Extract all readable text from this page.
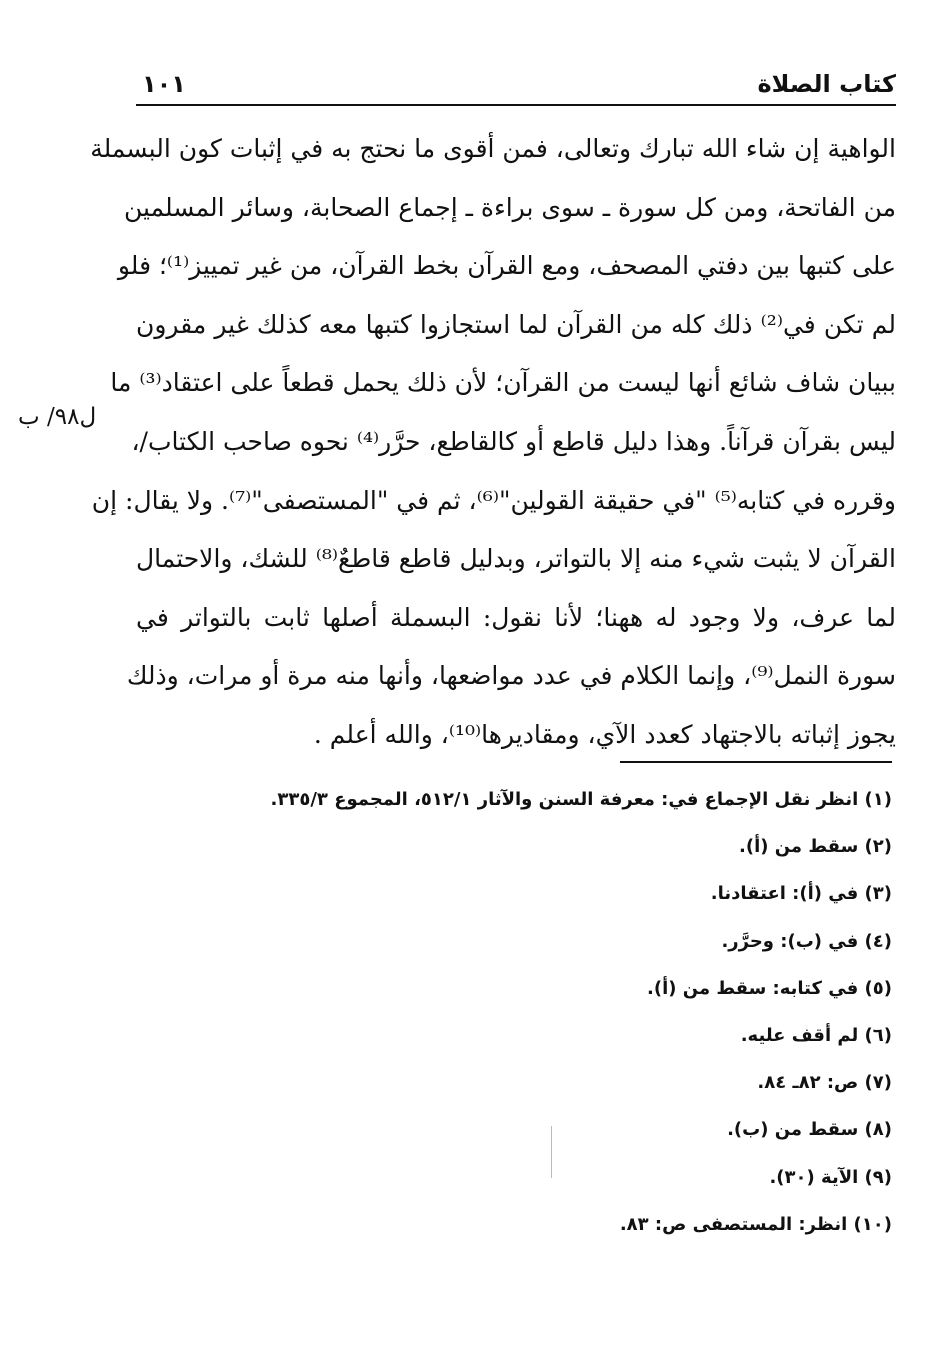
كتاب الصلاة
١٠١
الواهية إن شاء الله تبارك وتعالى، فمن أقوى ما نحتج به في إثبات كون البسملة
من الفاتحة، ومن كل سورة ـ سوى براءة ـ إجماع الصحابة، وسائر المسلمين
على كتبها بين دفتي المصحف، ومع القرآن بخط القرآن، من غير تمييز⁽¹⁾؛ فلو
لم تكن في⁽²⁾ ذلك كله من القرآن لما استجازوا كتبها معه كذلك غير مقرون
ببيان شاف شائع أنها ليست من القرآن؛ لأن ذلك يحمل قطعاً على اعتقاد⁽³⁾ ما
ليس بقرآن قرآناً. وهذا دليل قاطع أو كالقاطع، حرَّر⁽⁴⁾ نحوه صاحب الكتاب/،
وقرره في كتابه⁽⁵⁾ "في حقيقة القولين"⁽⁶⁾، ثم في "المستصفى"⁽⁷⁾. ولا يقال: إن
القرآن لا يثبت شيء منه إلا بالتواتر، وبدليل قاطع قاطعٌ⁽⁸⁾ للشك، والاحتمال
لما عرف، ولا وجود له ههنا؛ لأنا نقول: البسملة أصلها ثابت بالتواتر في
سورة النمل⁽⁹⁾، وإنما الكلام في عدد مواضعها، وأنها منه مرة أو مرات، وذلك
يجوز إثباته بالاجتهاد كعدد الآي، ومقاديرها⁽¹⁰⁾، والله أعلم .
ل٩٨/ ب
(١) انظر نقل الإجماع في: معرفة السنن والآثار ٥١٢/١، المجموع ٣٣٥/٣.
(٢) سقط من (أ).
(٣) في (أ): اعتقادنا.
(٤) في (ب): وحرَّر.
(٥) في كتابه: سقط من (أ).
(٦) لم أقف عليه.
(٧) ص: ٨٢ـ ٨٤.
(٨) سقط من (ب).
(٩) الآية (٣٠).
(١٠) انظر: المستصفى ص: ٨٣.
